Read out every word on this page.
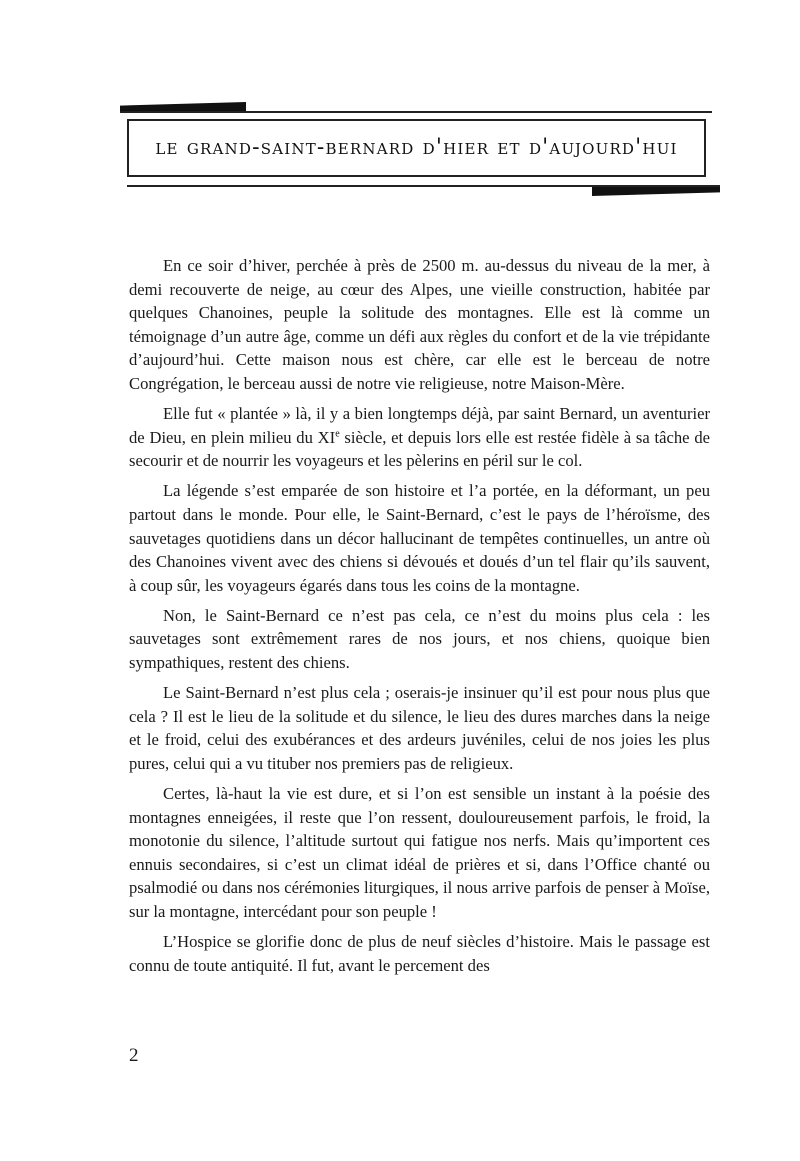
le grand-saint-bernard d'hier et d'aujourd'hui

En ce soir d’hiver, perchée à près de 2500 m. au-dessus du niveau de la mer, à demi recouverte de neige, au cœur des Alpes, une vieille construction, habitée par quelques Chanoines, peuple la solitude des montagnes. Elle est là comme un témoignage d’un autre âge, comme un défi aux règles du confort et de la vie trépidante d’aujourd’hui. Cette maison nous est chère, car elle est le berceau de notre Congrégation, le berceau aussi de notre vie religieuse, notre Maison-Mère.

Elle fut « plantée » là, il y a bien longtemps déjà, par saint Bernard, un aventurier de Dieu, en plein milieu du XIe siècle, et depuis lors elle est restée fidèle à sa tâche de secourir et de nourrir les voyageurs et les pèlerins en péril sur le col.

La légende s’est emparée de son histoire et l’a portée, en la déformant, un peu partout dans le monde. Pour elle, le Saint-Bernard, c’est le pays de l’héroïsme, des sauvetages quotidiens dans un décor hallucinant de tempêtes continuelles, un antre où des Chanoines vivent avec des chiens si dévoués et doués d’un tel flair qu’ils sauvent, à coup sûr, les voyageurs égarés dans tous les coins de la montagne.

Non, le Saint-Bernard ce n’est pas cela, ce n’est du moins plus cela : les sauvetages sont extrêmement rares de nos jours, et nos chiens, quoique bien sympathiques, restent des chiens.

Le Saint-Bernard n’est plus cela ; oserais-je insinuer qu’il est pour nous plus que cela ? Il est le lieu de la solitude et du silence, le lieu des dures marches dans la neige et le froid, celui des exubérances et des ardeurs juvéniles, celui de nos joies les plus pures, celui qui a vu tituber nos premiers pas de religieux.

Certes, là-haut la vie est dure, et si l’on est sensible un instant à la poésie des montagnes enneigées, il reste que l’on ressent, douloureusement parfois, le froid, la monotonie du silence, l’altitude surtout qui fatigue nos nerfs. Mais qu’importent ces ennuis secondaires, si c’est un climat idéal de prières et si, dans l’Office chanté ou psalmodié ou dans nos cérémonies liturgiques, il nous arrive parfois de penser à Moïse, sur la montagne, intercédant pour son peuple !

L’Hospice se glorifie donc de plus de neuf siècles d’histoire. Mais le passage est connu de toute antiquité. Il fut, avant le percement des

2
